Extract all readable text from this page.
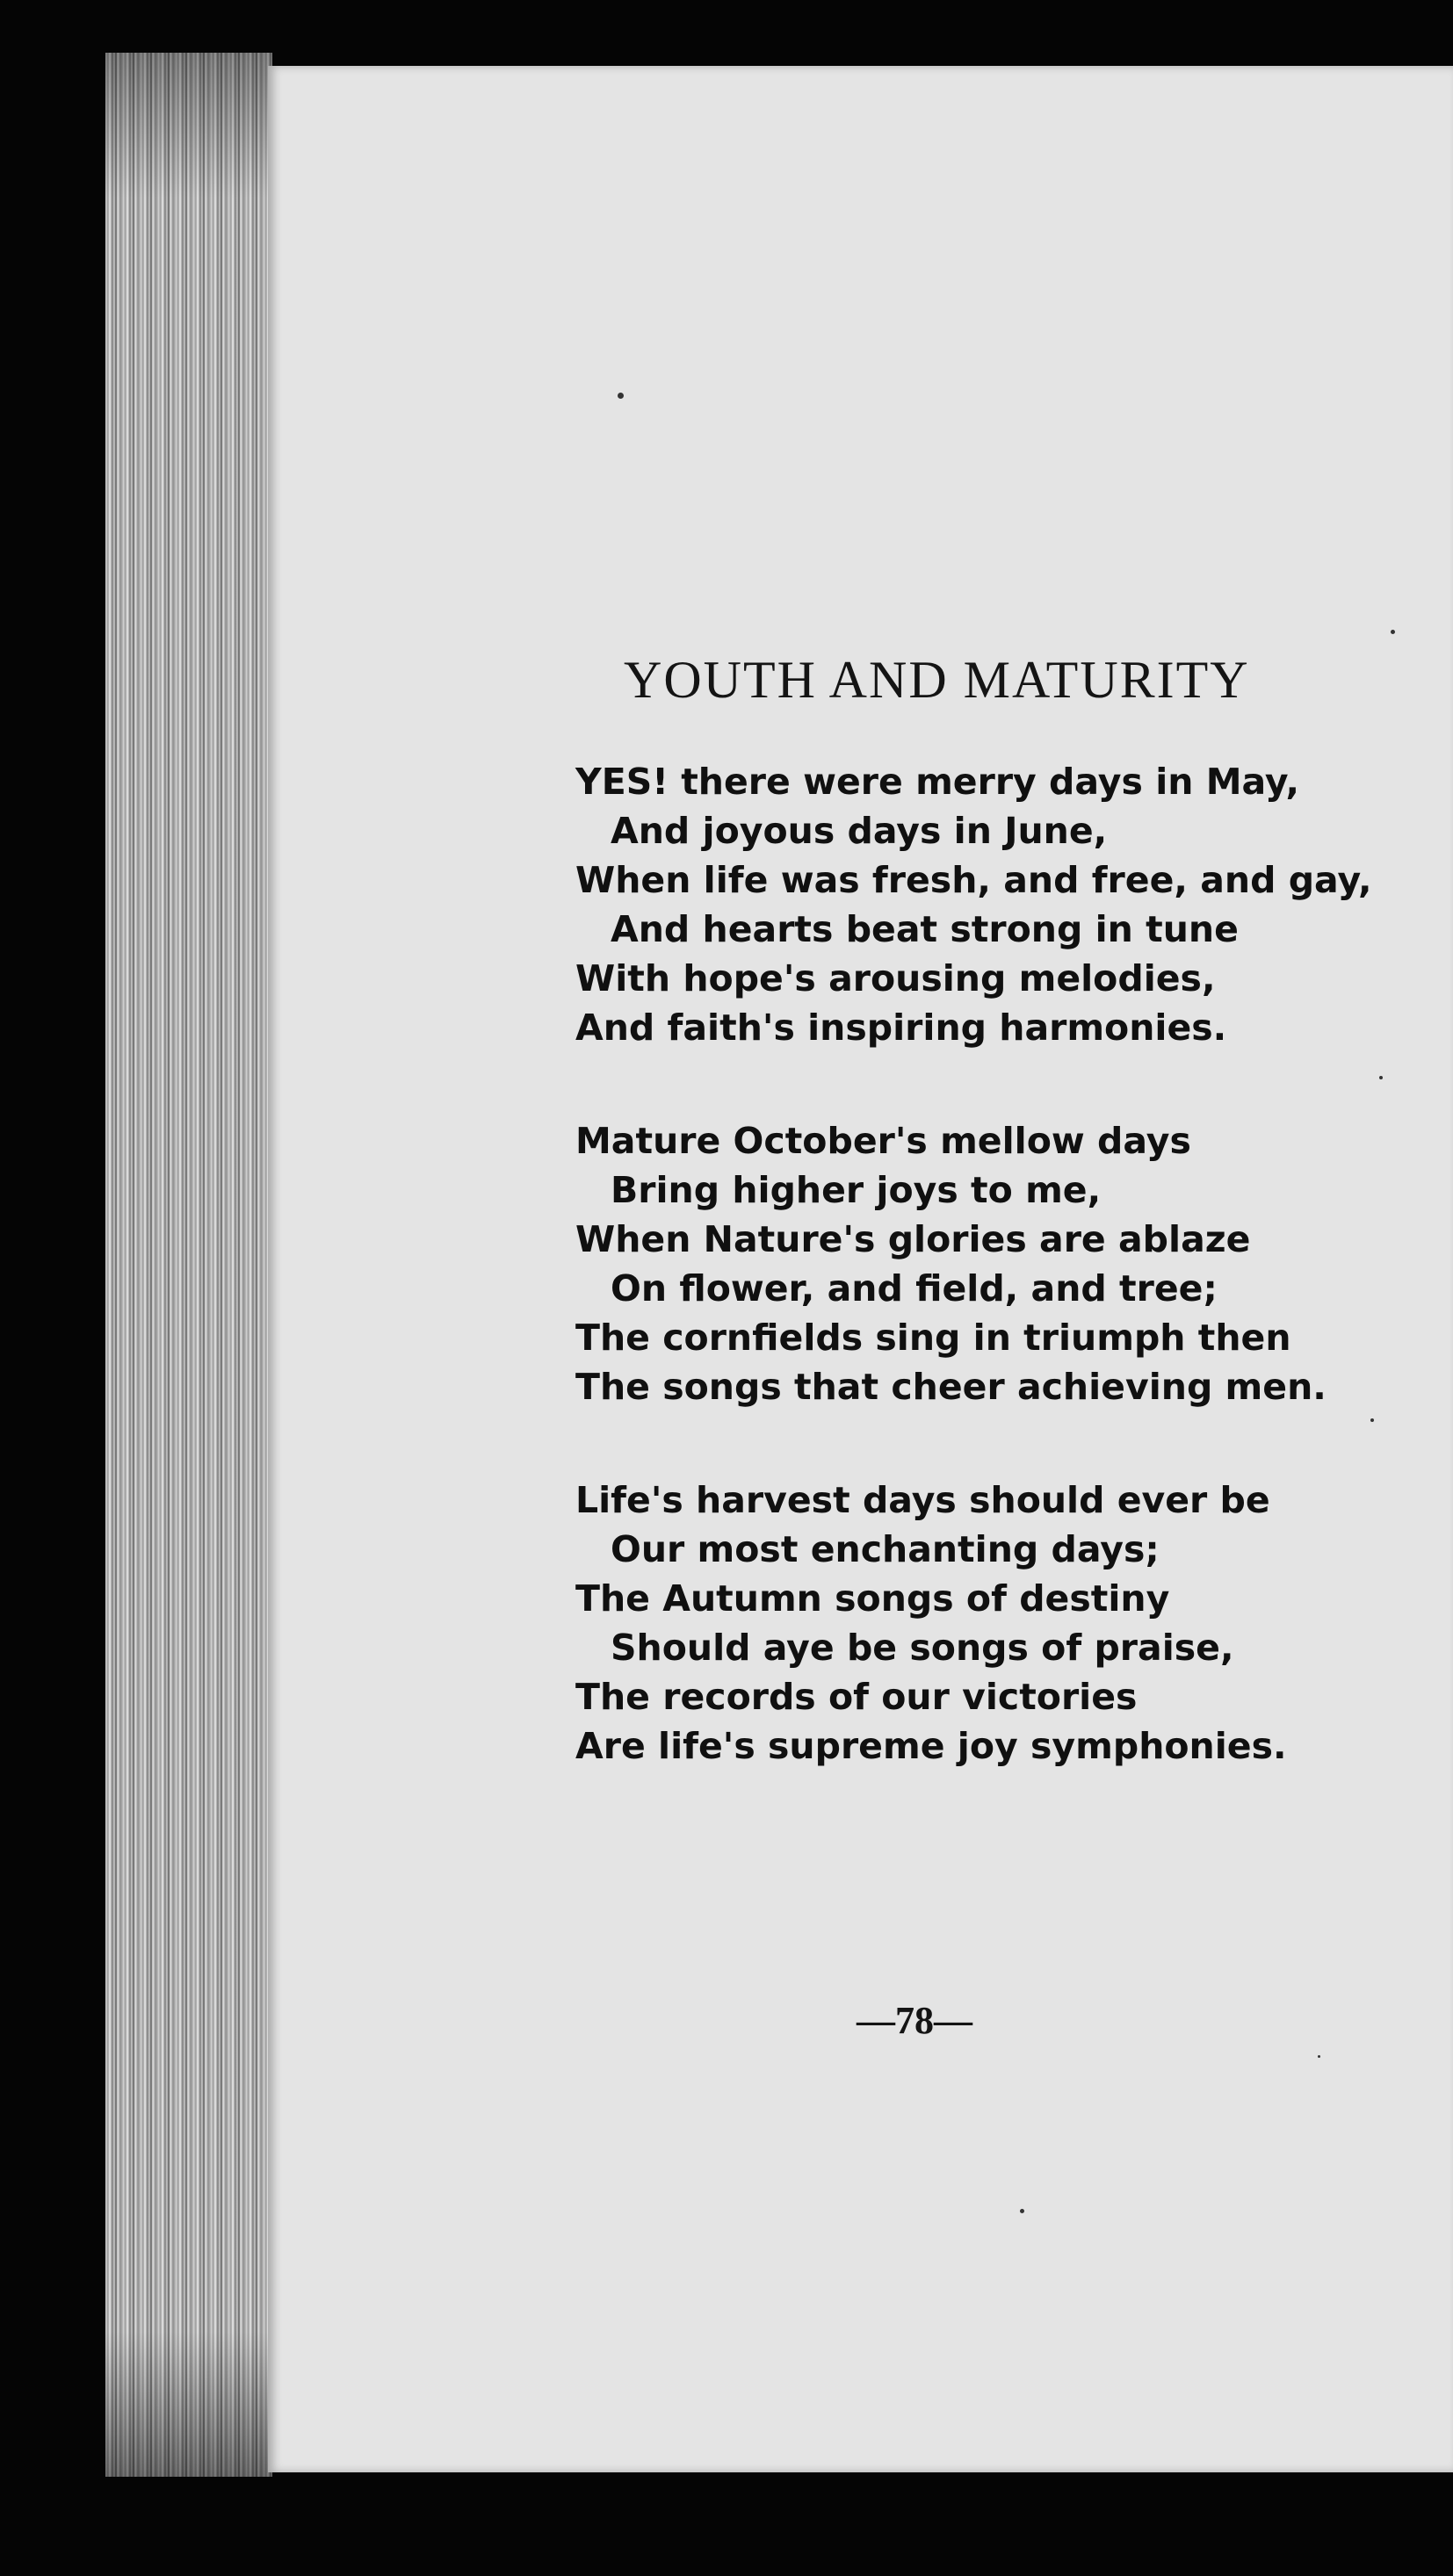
YOUTH AND MATURITY
YES! there were merry days in May,
And joyous days in June,
When life was fresh, and free, and gay,
And hearts beat strong in tune
With hope's arousing melodies,
And faith's inspiring harmonies.
Mature October's mellow days
Bring higher joys to me,
When Nature's glories are ablaze
On flower, and field, and tree;
The cornfields sing in triumph then
The songs that cheer achieving men.
Life's harvest days should ever be
Our most enchanting days;
The Autumn songs of destiny
Should aye be songs of praise,
The records of our victories
Are life's supreme joy symphonies.
—78—
